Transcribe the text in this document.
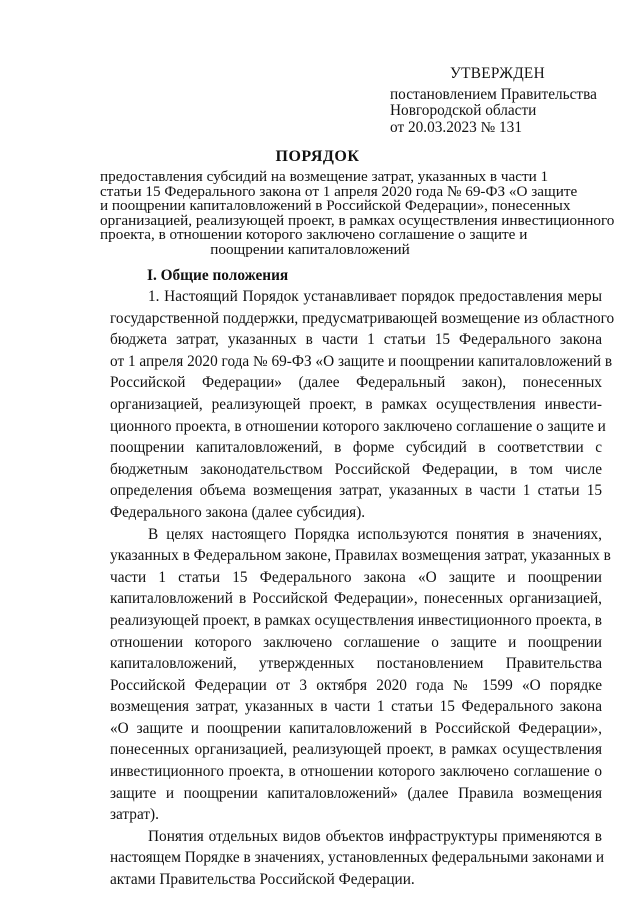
УТВЕРЖДЕН
постановлением Правительства
Новгородской области
от 20.03.2023 № 131
ПОРЯДОК
предоставления субсидий на возмещение затрат, указанных в части 1
статьи 15 Федерального закона от 1 апреля 2020 года № 69-ФЗ «О защите
и поощрении капиталовложений в Российской Федерации», понесенных
организацией, реализующей проект, в рамках осуществления инвестиционного
проекта, в отношении которого заключено соглашение о защите и
поощрении капиталовложений
I. Общие положения
1. Настоящий Порядок устанавливает порядок предоставления меры
государственной поддержки, предусматривающей возмещение из областного
бюджета затрат, указанных в части 1 статьи 15 Федерального закона
от 1 апреля 2020 года № 69-ФЗ «О защите и поощрении капиталовложений в
Российской Федерации» (далее Федеральный закон), понесенных
организацией, реализующей проект, в рамках осуществления инвести-
ционного проекта, в отношении которого заключено соглашение о защите и
поощрении капиталовложений, в форме субсидий в соответствии с
бюджетным законодательством Российской Федерации, в том числе
определения объема возмещения затрат, указанных в части 1 статьи 15
Федерального закона (далее субсидия).
В целях настоящего Порядка используются понятия в значениях,
указанных в Федеральном законе, Правилах возмещения затрат, указанных в
части 1 статьи 15 Федерального закона «О защите и поощрении
капиталовложений в Российской Федерации», понесенных организацией,
реализующей проект, в рамках осуществления инвестиционного проекта, в
отношении которого заключено соглашение о защите и поощрении
капиталовложений, утвержденных постановлением Правительства
Российской Федерации от 3 октября 2020 года № 1599 «О порядке
возмещения затрат, указанных в части 1 статьи 15 Федерального закона
«О защите и поощрении капиталовложений в Российской Федерации»,
понесенных организацией, реализующей проект, в рамках осуществления
инвестиционного проекта, в отношении которого заключено соглашение о
защите и поощрении капиталовложений» (далее Правила возмещения
затрат).
Понятия отдельных видов объектов инфраструктуры применяются в
настоящем Порядке в значениях, установленных федеральными законами и
актами Правительства Российской Федерации.
